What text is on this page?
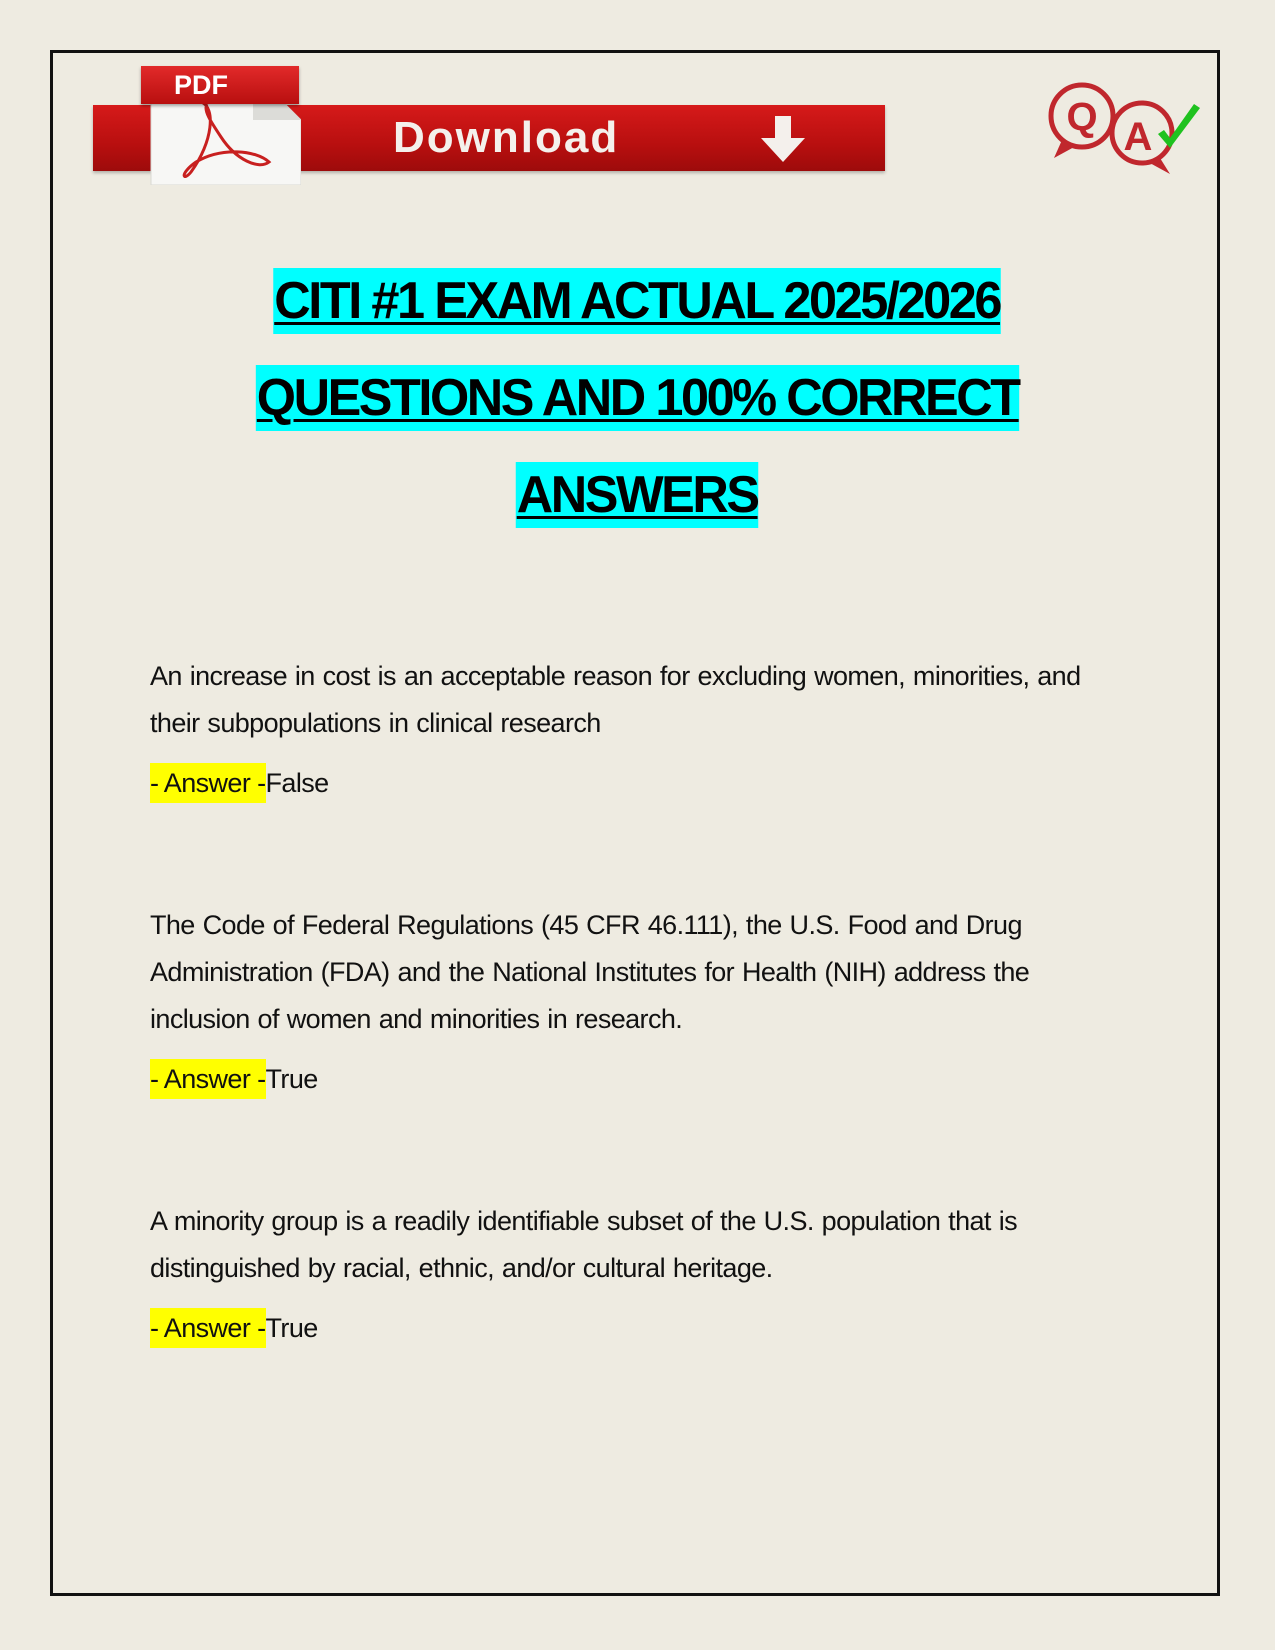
Download
PDF
Q A
CITI #1 EXAM ACTUAL 2025/2026
QUESTIONS AND 100% CORRECT
ANSWERS
An increase in cost is an acceptable reason for excluding women, minorities, and their subpopulations in clinical research
- Answer -False
The Code of Federal Regulations (45 CFR 46.111), the U.S. Food and Drug Administration (FDA) and the National Institutes for Health (NIH) address the inclusion of women and minorities in research.
- Answer -True
A minority group is a readily identifiable subset of the U.S. population that is distinguished by racial, ethnic, and/or cultural heritage.
- Answer -True
